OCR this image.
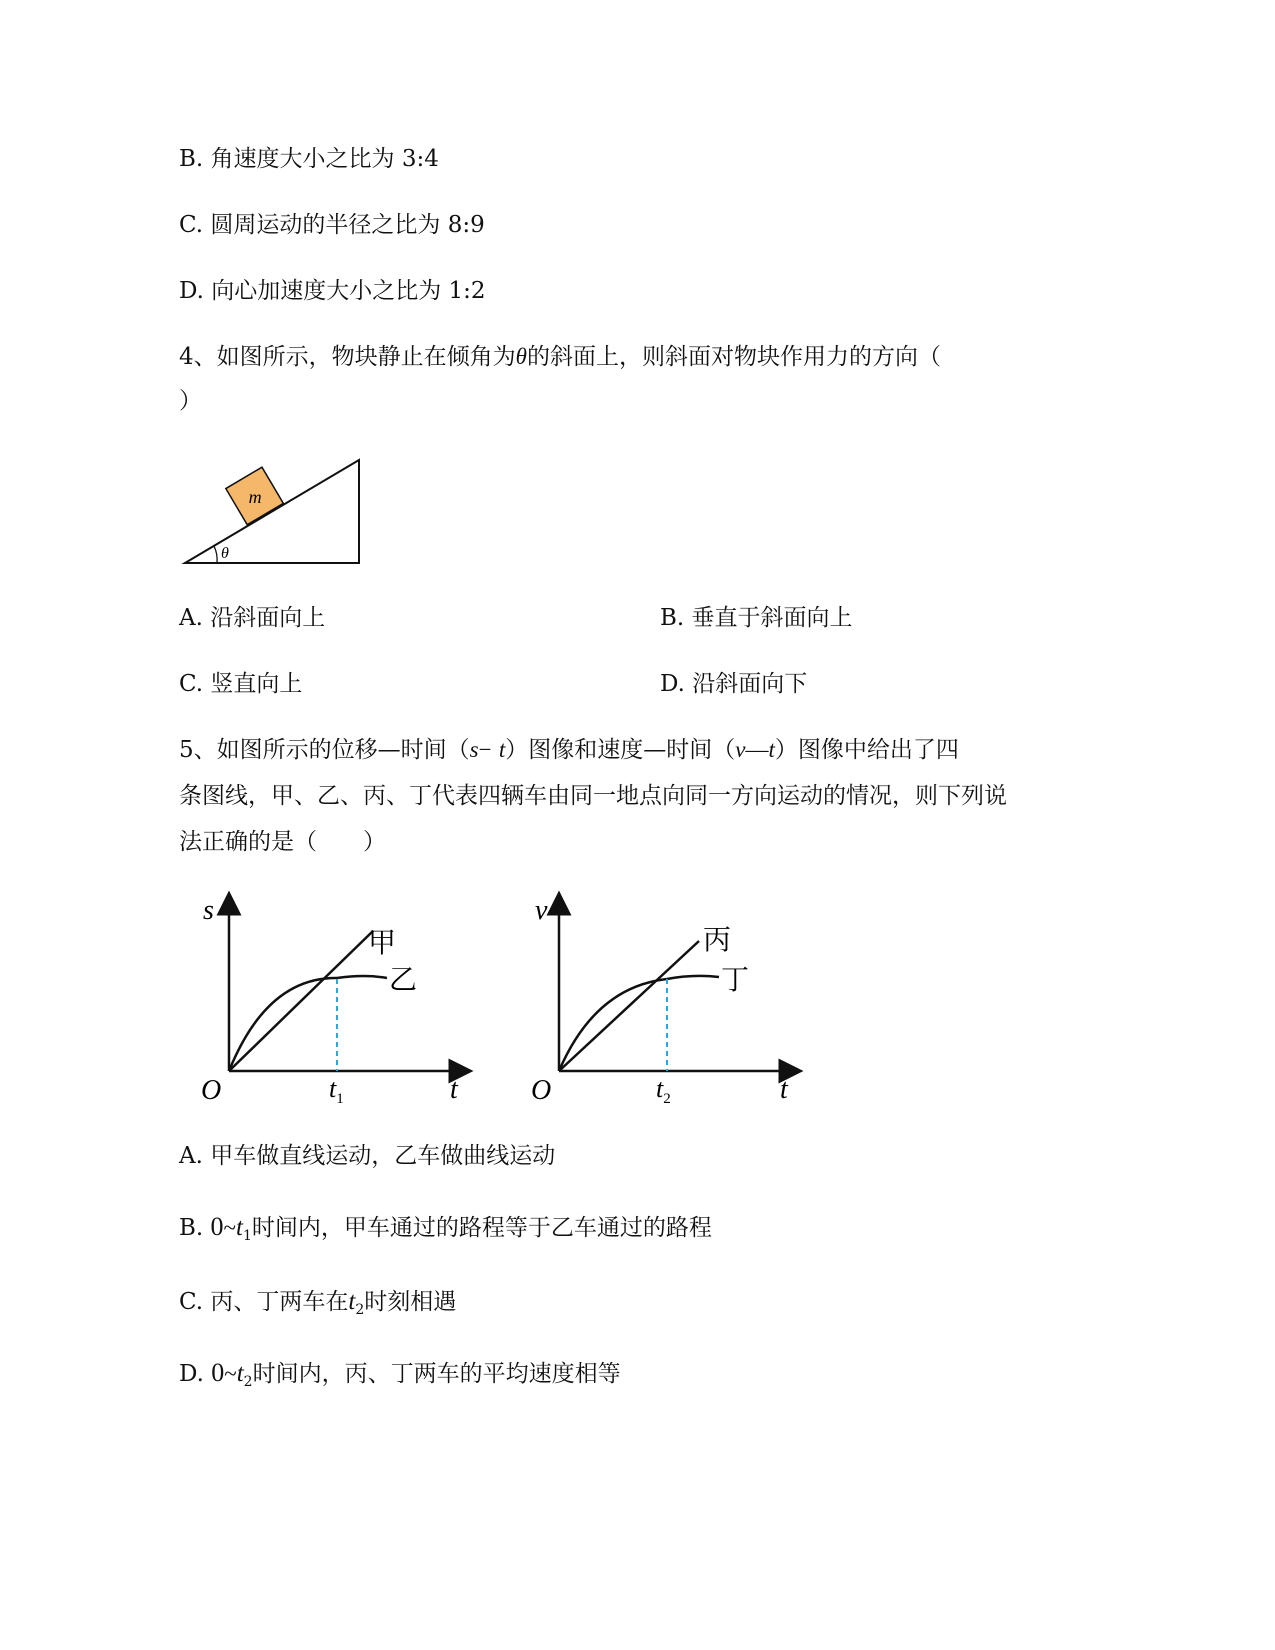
B. 角速度大小之比为 3:4
C. 圆周运动的半径之比为 8:9
D. 向心加速度大小之比为 1:2
4、如图所示，物块静止在倾角为θ的斜面上，则斜面对物块作用力的方向（
）
m
θ
A. 沿斜面向上	B. 垂直于斜面向上
C. 竖直向上	D. 沿斜面向下
5、如图所示的位移—时间（s− t）图像和速度—时间（v—t）图像中给出了四
条图线，甲、乙、丙、丁代表四辆车由同一地点向同一方向运动的情况，则下列说
法正确的是（　　）
s
t
O	$t_1$
甲
乙
v
t
O	$t_2$
丙
丁
A. 甲车做直线运动，乙车做曲线运动
B. $0\sim t_1$时间内，甲车通过的路程等于乙车通过的路程
C. 丙、丁两车在$t_2$时刻相遇
D. $0\sim t_2$时间内，丙、丁两车的平均速度相等
